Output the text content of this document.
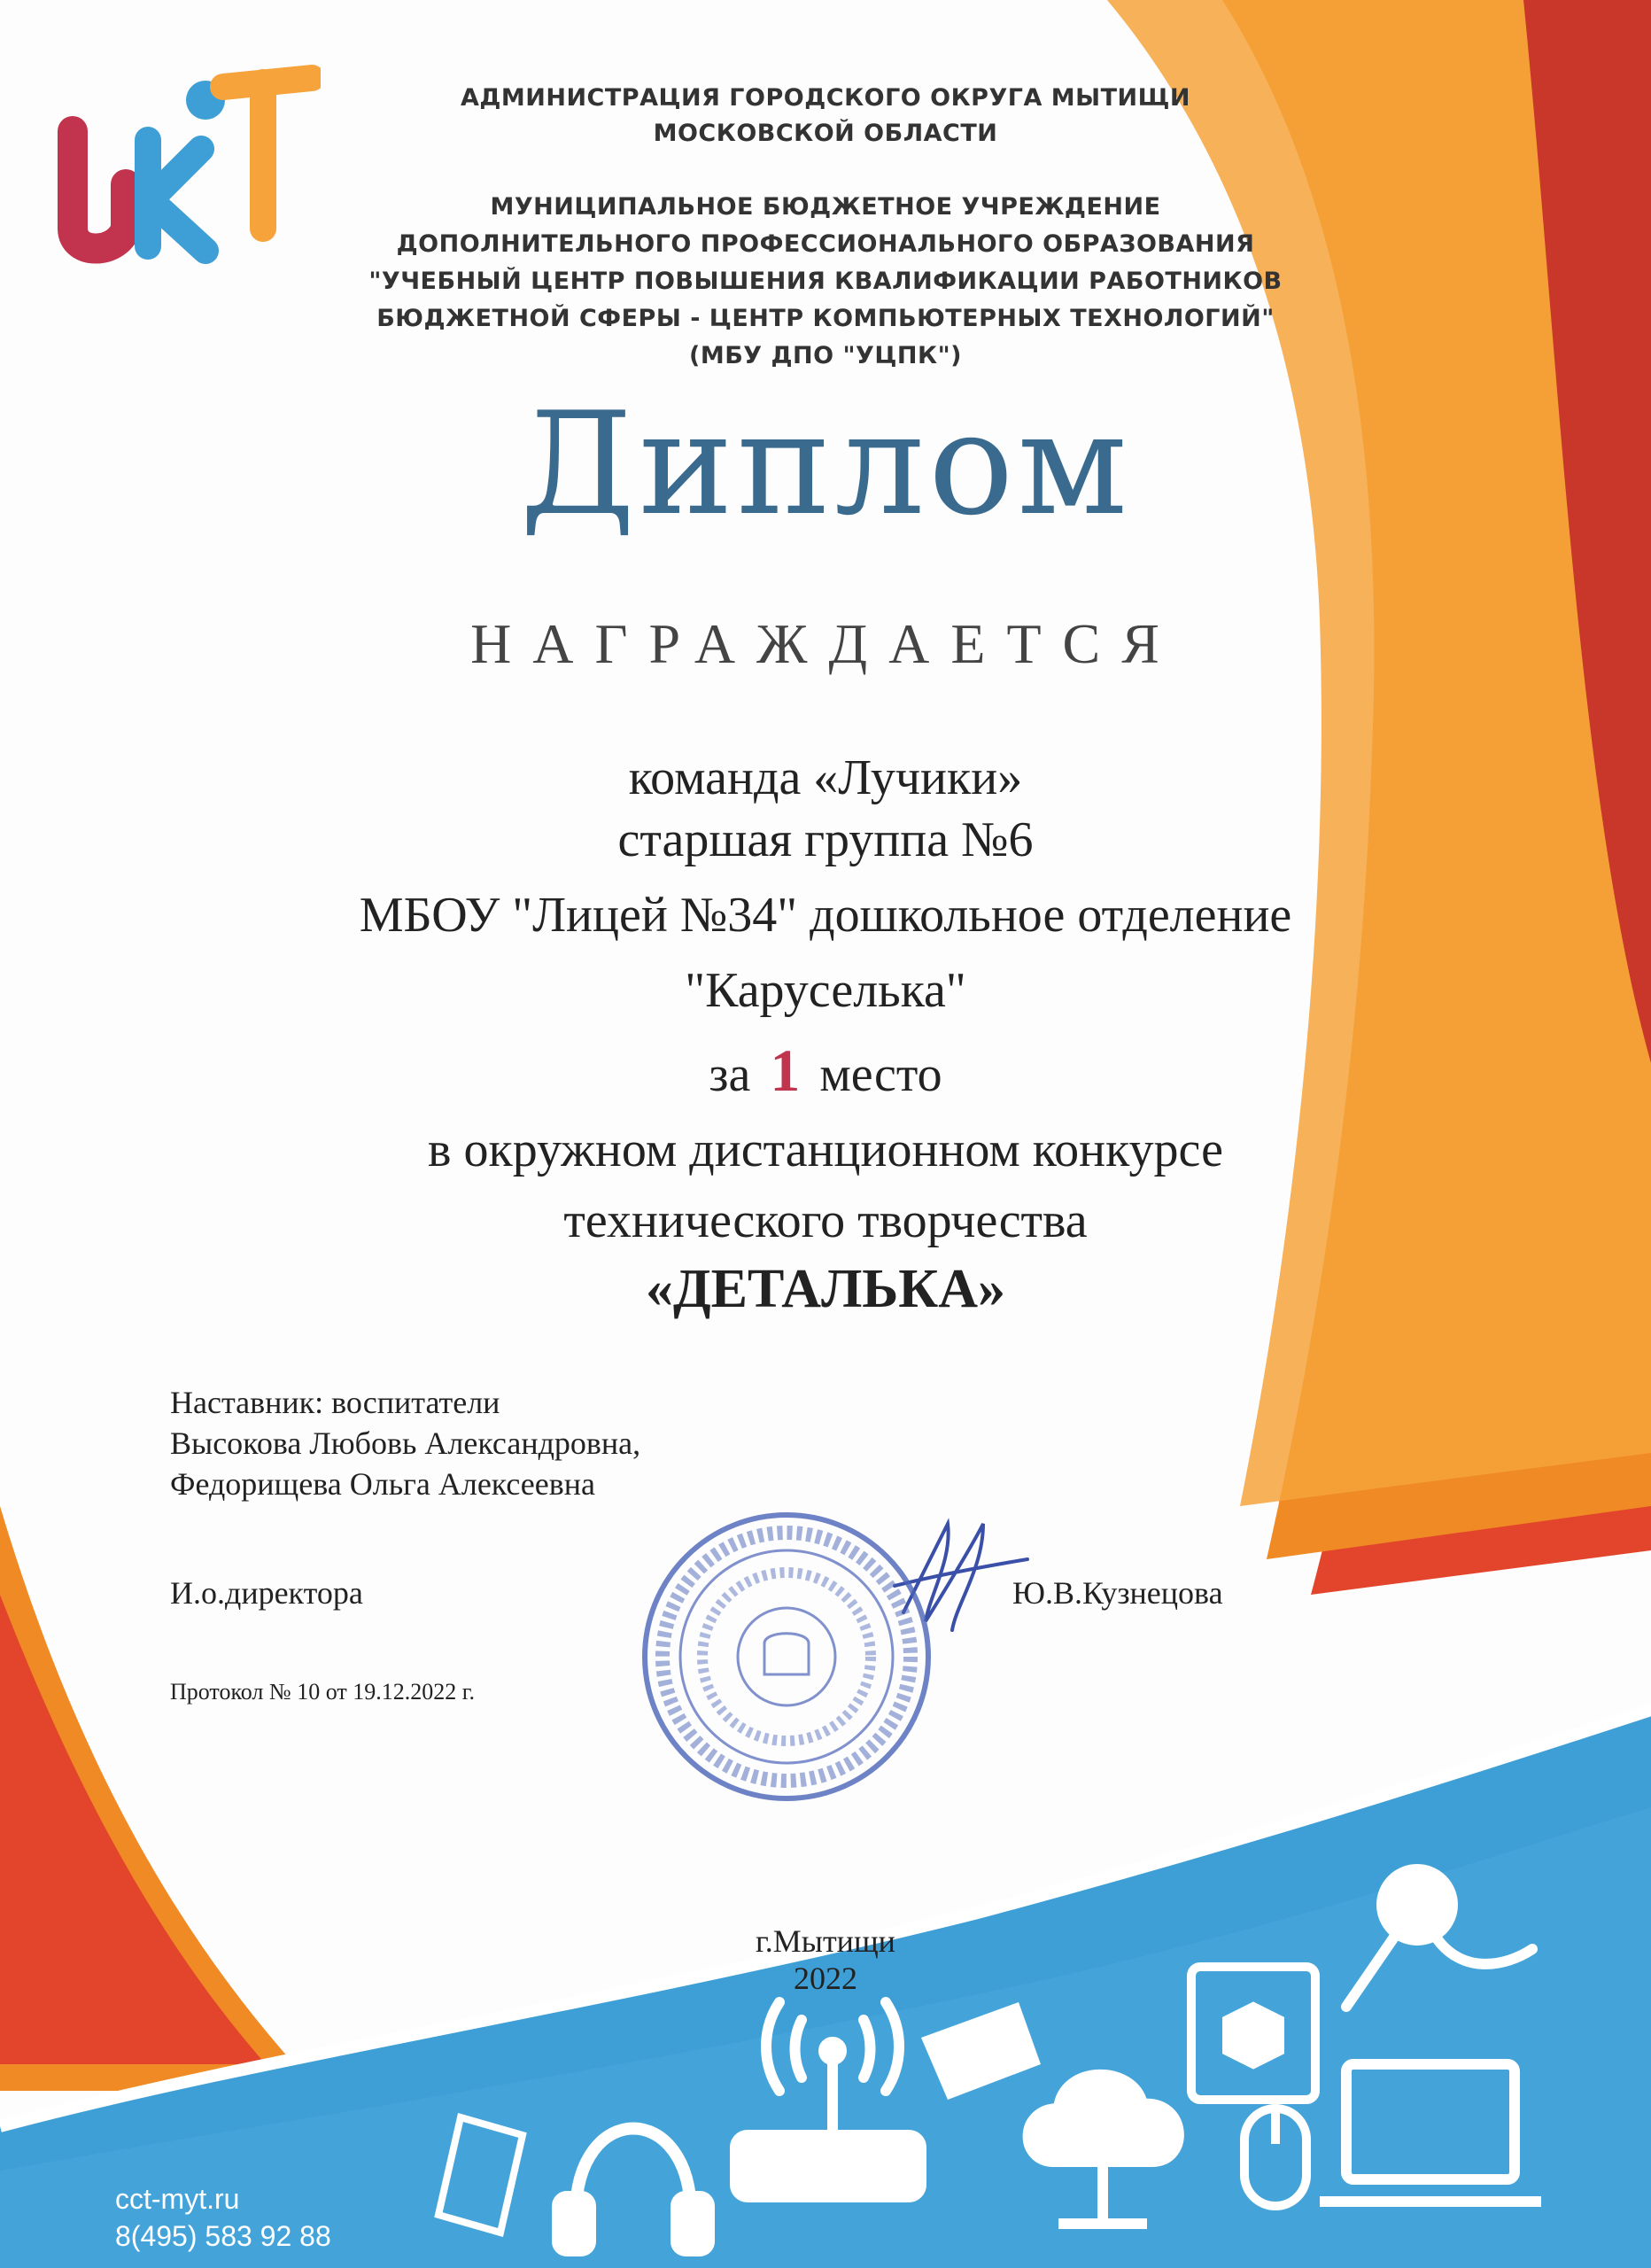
АДМИНИСТРАЦИЯ ГОРОДСКОГО ОКРУГА МЫТИЩИ

МОСКОВСКОЙ ОБЛАСТИ

МУНИЦИПАЛЬНОЕ БЮДЖЕТНОЕ УЧРЕЖДЕНИЕ

ДОПОЛНИТЕЛЬНОГО ПРОФЕССИОНАЛЬНОГО ОБРАЗОВАНИЯ

"УЧЕБНЫЙ ЦЕНТР ПОВЫШЕНИЯ КВАЛИФИКАЦИИ РАБОТНИКОВ

БЮДЖЕТНОЙ СФЕРЫ - ЦЕНТР КОМПЬЮТЕРНЫХ ТЕХНОЛОГИЙ"

(МБУ ДПО "УЦПК")

Диплом

НАГРАЖДАЕТСЯ

команда «Лучики»

старшая группа №6

МБОУ "Лицей №34" дошкольное отделение

"Каруселька"

за 1 место

в окружном дистанционном конкурсе

технического творчества

«ДЕТАЛЬКА»

Наставник: воспитатели
Высокова Любовь Александровна,
Федорищева Ольга Алексеевна
И.о.директора	Ю.В.Кузнецова
Протокол № 10 от 19.12.2022 г.
г.Мытищи
2022
cct-myt.ru
8(495) 583 92 88
